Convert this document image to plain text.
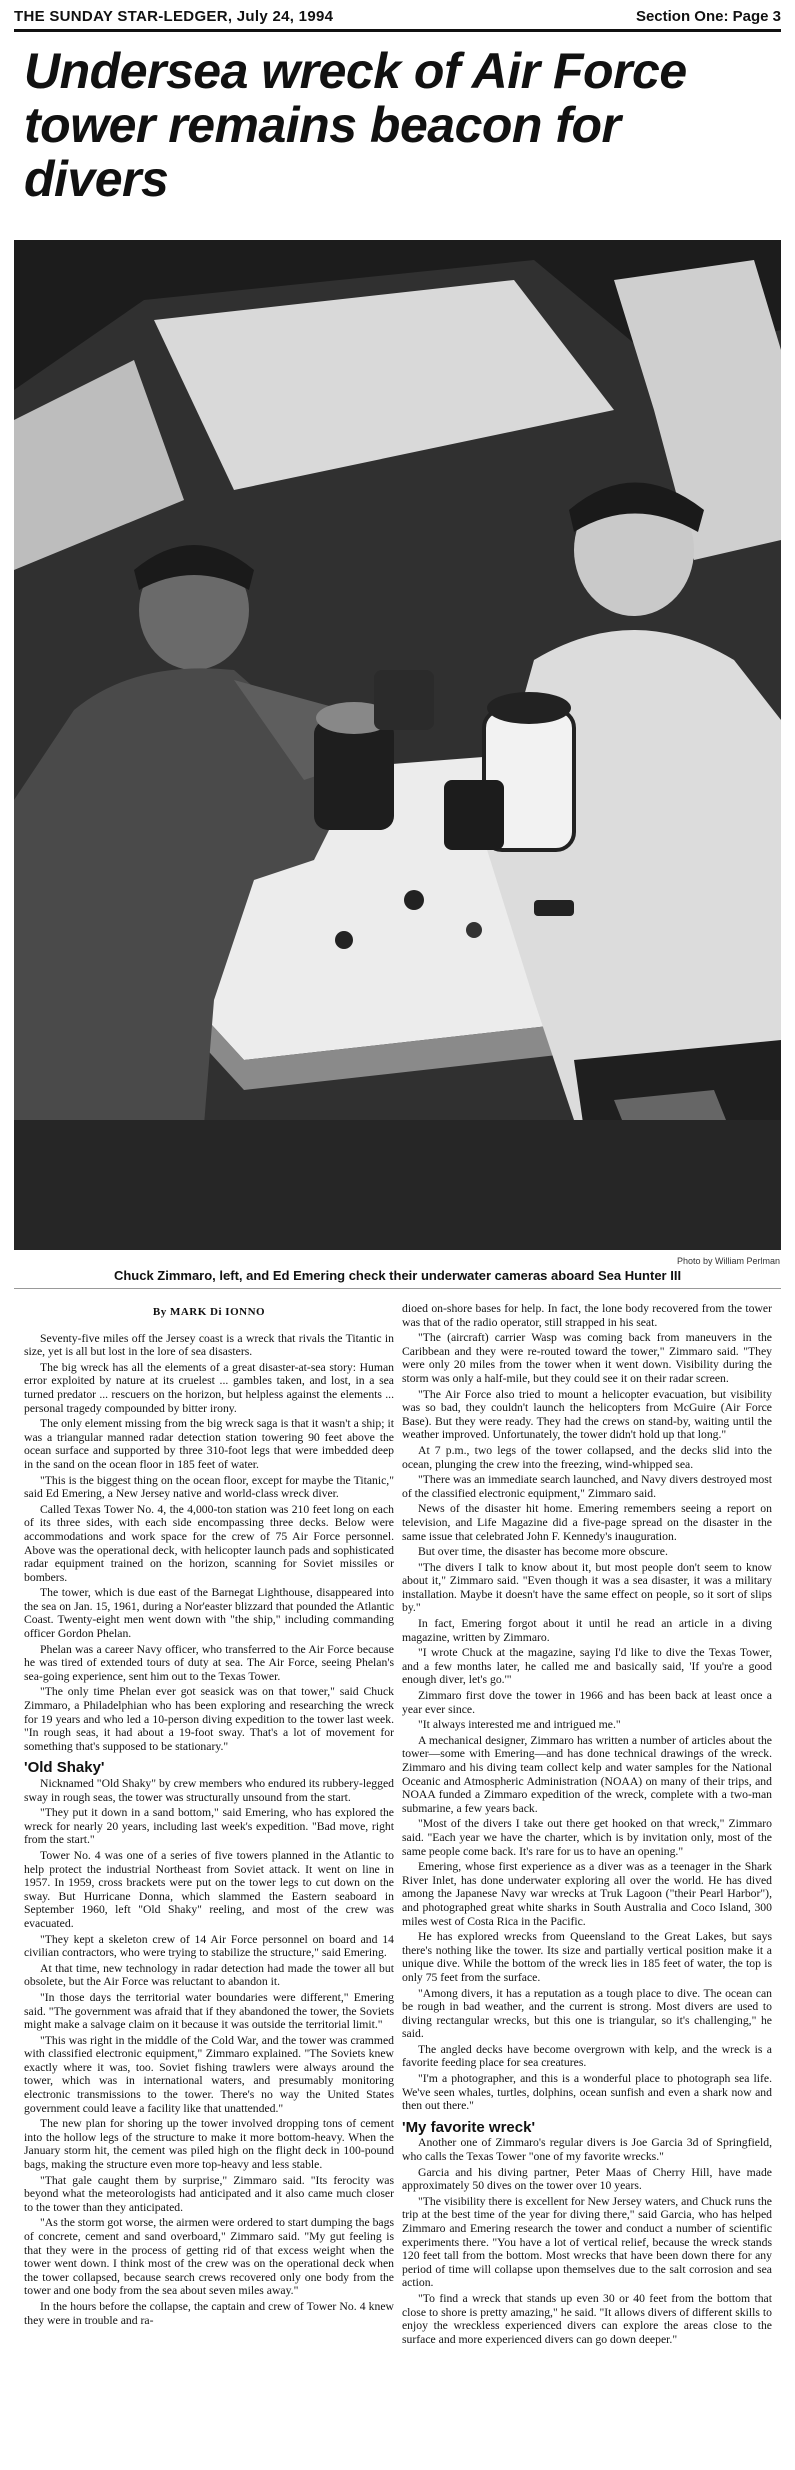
THE SUNDAY STAR-LEDGER, July 24, 1994	Section One: Page 3
Undersea wreck of Air Force tower remains beacon for divers
Photo by William Perlman
Chuck Zimmaro, left, and Ed Emering check their underwater cameras aboard Sea Hunter III
By MARK Di IONNO

Seventy-five miles off the Jersey coast is a wreck that rivals the Titantic in size, yet is all but lost in the lore of sea disasters.

The big wreck has all the elements of a great disaster-at-sea story: Human error exploited by nature at its cruelest ... gambles taken, and lost, in a sea turned predator ... rescuers on the horizon, but helpless against the elements ... personal tragedy compounded by bitter irony.

The only element missing from the big wreck saga is that it wasn't a ship; it was a triangular manned radar detection station towering 90 feet above the ocean surface and supported by three 310-foot legs that were imbedded deep in the sand on the ocean floor in 185 feet of water.

"This is the biggest thing on the ocean floor, except for maybe the Titanic," said Ed Emering, a New Jersey native and world-class wreck diver.

Called Texas Tower No. 4, the 4,000-ton station was 210 feet long on each of its three sides, with each side encompassing three decks. Below were accommodations and work space for the crew of 75 Air Force personnel. Above was the operational deck, with helicopter launch pads and sophisticated radar equipment trained on the horizon, scanning for Soviet missiles or bombers.

The tower, which is due east of the Barnegat Lighthouse, disappeared into the sea on Jan. 15, 1961, during a Nor'easter blizzard that pounded the Atlantic Coast. Twenty-eight men went down with "the ship," including commanding officer Gordon Phelan.

Phelan was a career Navy officer, who transferred to the Air Force because he was tired of extended tours of duty at sea. The Air Force, seeing Phelan's sea-going experience, sent him out to the Texas Tower.

"The only time Phelan ever got seasick was on that tower," said Chuck Zimmaro, a Philadelphian who has been exploring and researching the wreck for 19 years and who led a 10-person diving expedition to the tower last week. "In rough seas, it had about a 19-foot sway. That's a lot of movement for something that's supposed to be stationary."

'Old Shaky'

Nicknamed "Old Shaky" by crew members who endured its rubbery-legged sway in rough seas, the tower was structurally unsound from the start.

"They put it down in a sand bottom," said Emering, who has explored the wreck for nearly 20 years, including last week's expedition. "Bad move, right from the start."

Tower No. 4 was one of a series of five towers planned in the Atlantic to help protect the industrial Northeast from Soviet attack. It went on line in 1957. In 1959, cross brackets were put on the tower legs to cut down on the sway. But Hurricane Donna, which slammed the Eastern seaboard in September 1960, left "Old Shaky" reeling, and most of the crew was evacuated.

"They kept a skeleton crew of 14 Air Force personnel on board and 14 civilian contractors, who were trying to stabilize the structure," said Emering.

At that time, new technology in radar detection had made the tower all but obsolete, but the Air Force was reluctant to abandon it.

"In those days the territorial water boundaries were different," Emering said. "The government was afraid that if they abandoned the tower, the Soviets might make a salvage claim on it because it was outside the territorial limit."

"This was right in the middle of the Cold War, and the tower was crammed with classified electronic equipment," Zimmaro explained. "The Soviets knew exactly where it was, too. Soviet fishing trawlers were always around the tower, which was in international waters, and presumably monitoring electronic transmissions to the tower. There's no way the United States government could leave a facility like that unattended."

The new plan for shoring up the tower involved dropping tons of cement into the hollow legs of the structure to make it more bottom-heavy. When the January storm hit, the cement was piled high on the flight deck in 100-pound bags, making the structure even more top-heavy and less stable.

"That gale caught them by surprise," Zimmaro said. "Its ferocity was beyond what the meteorologists had anticipated and it also came much closer to the tower than they anticipated.

"As the storm got worse, the airmen were ordered to start dumping the bags of concrete, cement and sand overboard," Zimmaro said. "My gut feeling is that they were in the process of getting rid of that excess weight when the tower went down. I think most of the crew was on the operational deck when the tower collapsed, because search crews recovered only one body from the tower and one body from the sea about seven miles away."

In the hours before the collapse, the captain and crew of Tower No. 4 knew they were in trouble and ra-

dioed on-shore bases for help. In fact, the lone body recovered from the tower was that of the radio operator, still strapped in his seat.

"The (aircraft) carrier Wasp was coming back from maneuvers in the Caribbean and they were re-routed toward the tower," Zimmaro said. "They were only 20 miles from the tower when it went down. Visibility during the storm was only a half-mile, but they could see it on their radar screen.

"The Air Force also tried to mount a helicopter evacuation, but visibility was so bad, they couldn't launch the helicopters from McGuire (Air Force Base). But they were ready. They had the crews on stand-by, waiting until the weather improved. Unfortunately, the tower didn't hold up that long."

At 7 p.m., two legs of the tower collapsed, and the decks slid into the ocean, plunging the crew into the freezing, wind-whipped sea.

"There was an immediate search launched, and Navy divers destroyed most of the classified electronic equipment," Zimmaro said.

News of the disaster hit home. Emering remembers seeing a report on television, and Life Magazine did a five-page spread on the disaster in the same issue that celebrated John F. Kennedy's inauguration.

But over time, the disaster has become more obscure.

"The divers I talk to know about it, but most people don't seem to know about it," Zimmaro said. "Even though it was a sea disaster, it was a military installation. Maybe it doesn't have the same effect on people, so it sort of slips by."

In fact, Emering forgot about it until he read an article in a diving magazine, written by Zimmaro.

"I wrote Chuck at the magazine, saying I'd like to dive the Texas Tower, and a few months later, he called me and basically said, 'If you're a good enough diver, let's go.'"

Zimmaro first dove the tower in 1966 and has been back at least once a year ever since.

"It always interested me and intrigued me."

A mechanical designer, Zimmaro has written a number of articles about the tower—some with Emering—and has done technical drawings of the wreck. Zimmaro and his diving team collect kelp and water samples for the National Oceanic and Atmospheric Administration (NOAA) on many of their trips, and NOAA funded a Zimmaro expedition of the wreck, complete with a two-man submarine, a few years back.

"Most of the divers I take out there get hooked on that wreck," Zimmaro said. "Each year we have the charter, which is by invitation only, most of the same people come back. It's rare for us to have an opening."

Emering, whose first experience as a diver was as a teenager in the Shark River Inlet, has done underwater exploring all over the world. He has dived among the Japanese Navy war wrecks at Truk Lagoon ("their Pearl Harbor"), and photographed great white sharks in South Australia and Coco Island, 300 miles west of Costa Rica in the Pacific.

He has explored wrecks from Queensland to the Great Lakes, but says there's nothing like the tower. Its size and partially vertical position make it a unique dive. While the bottom of the wreck lies in 185 feet of water, the top is only 75 feet from the surface.

"Among divers, it has a reputation as a tough place to dive. The ocean can be rough in bad weather, and the current is strong. Most divers are used to diving rectangular wrecks, but this one is triangular, so it's challenging," he said.

The angled decks have become overgrown with kelp, and the wreck is a favorite feeding place for sea creatures.

"I'm a photographer, and this is a wonderful place to photograph sea life. We've seen whales, turtles, dolphins, ocean sunfish and even a shark now and then out there."

'My favorite wreck'

Another one of Zimmaro's regular divers is Joe Garcia 3d of Springfield, who calls the Texas Tower "one of my favorite wrecks."

Garcia and his diving partner, Peter Maas of Cherry Hill, have made approximately 50 dives on the tower over 10 years.

"The visibility there is excellent for New Jersey waters, and Chuck runs the trip at the best time of the year for diving there," said Garcia, who has helped Zimmaro and Emering research the tower and conduct a number of scientific experiments there. "You have a lot of vertical relief, because the wreck stands 120 feet tall from the bottom. Most wrecks that have been down there for any period of time will collapse upon themselves due to the salt corrosion and sea action.

"To find a wreck that stands up even 30 or 40 feet from the bottom that close to shore is pretty amazing," he said. "It allows divers of different skills to enjoy the wreckless experienced divers can explore the areas close to the surface and more experienced divers can go down deeper."
